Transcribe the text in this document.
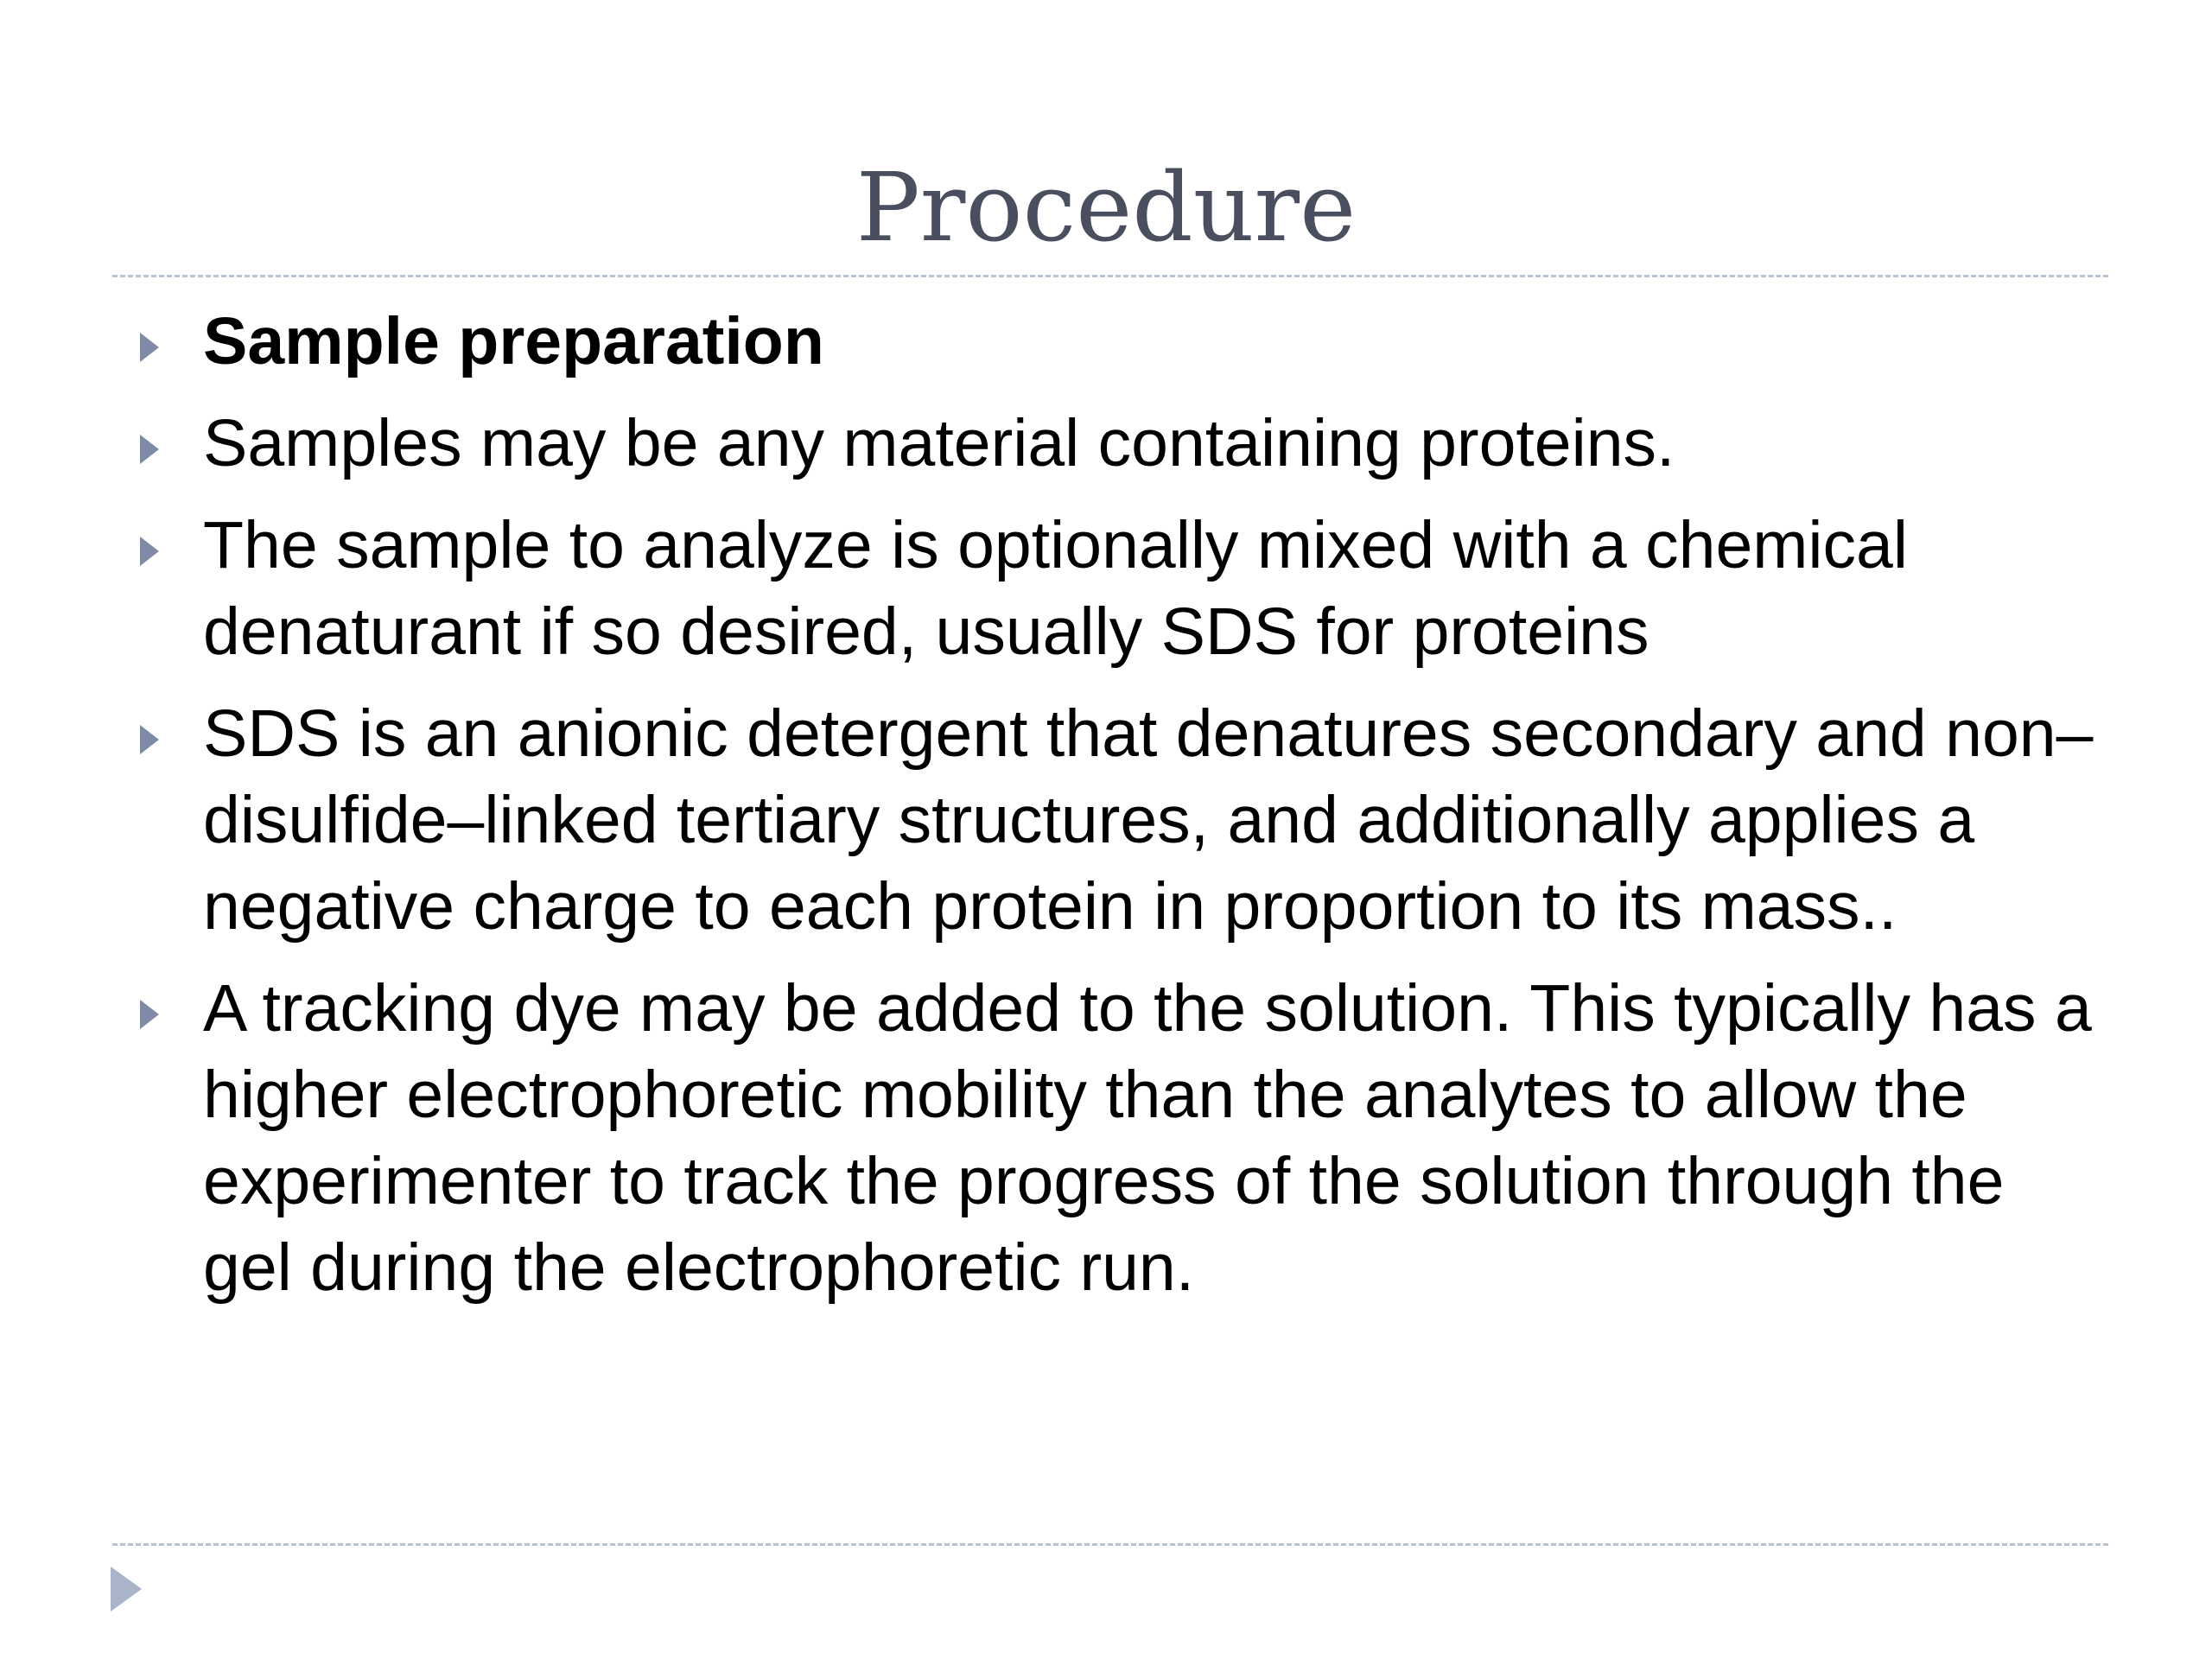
Procedure
Sample preparation
Samples may be any material containing proteins.
The sample to analyze is optionally mixed with a chemical denaturant if so desired, usually SDS for proteins
SDS is an anionic detergent that denatures secondary and non–disulfide–linked tertiary structures, and additionally applies a negative charge to each protein in proportion to its mass..
A tracking dye may be added to the solution. This typically has a higher electrophoretic mobility than the analytes to allow the experimenter to track the progress of the solution through the gel during the electrophoretic run.
